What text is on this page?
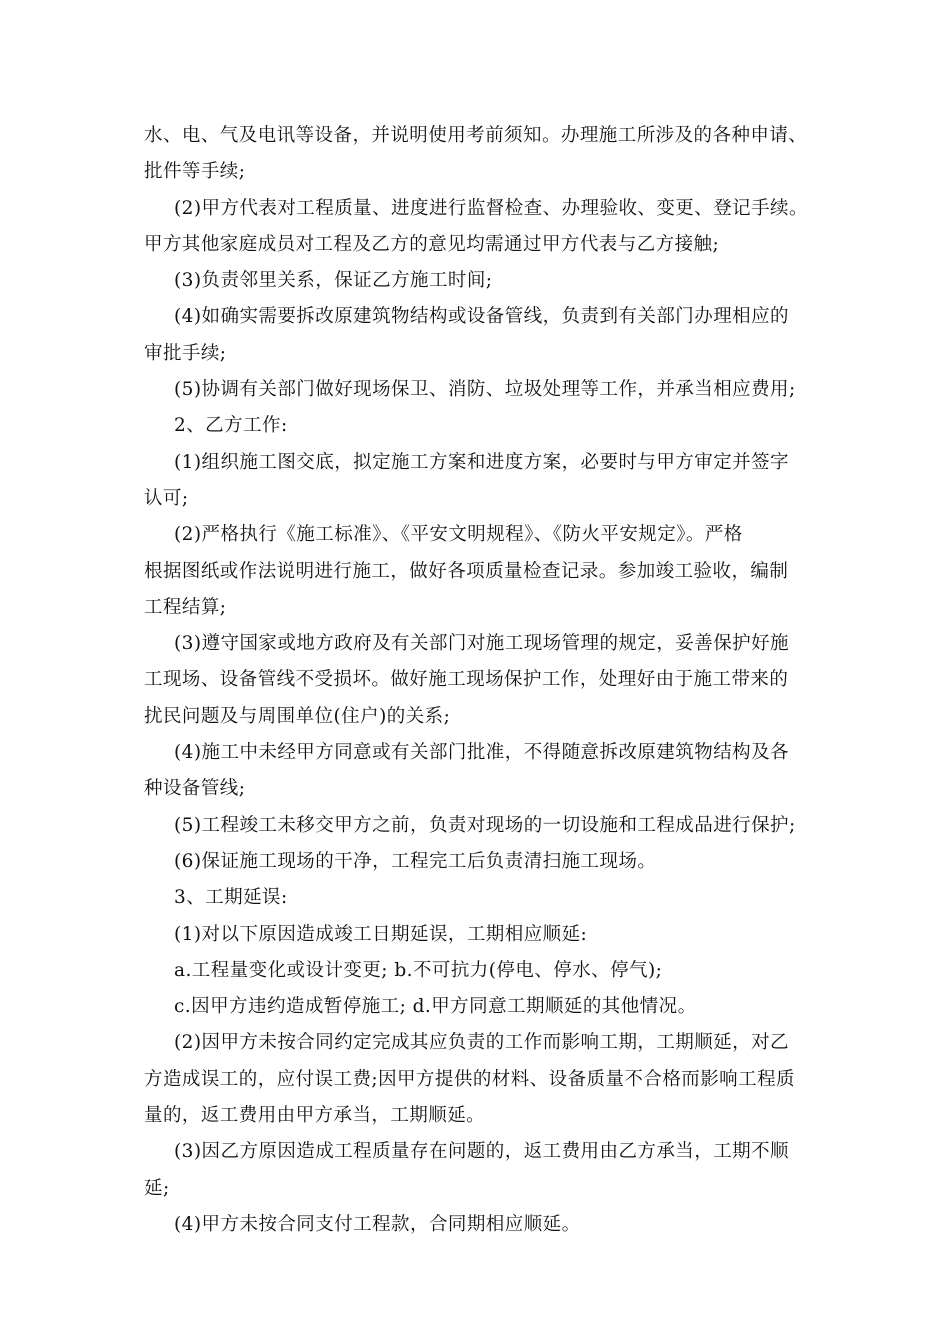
水、电、气及电讯等设备，并说明使用考前须知。办理施工所涉及的各种申请、
批件等手续;
(2)甲方代表对工程质量、进度进行监督检查、办理验收、变更、登记手续。
甲方其他家庭成员对工程及乙方的意见均需通过甲方代表与乙方接触;
(3)负责邻里关系，保证乙方施工时间;
(4)如确实需要拆改原建筑物结构或设备管线，负责到有关部门办理相应的
审批手续;
(5)协调有关部门做好现场保卫、消防、垃圾处理等工作，并承当相应费用;
2、乙方工作:
(1)组织施工图交底，拟定施工方案和进度方案，必要时与甲方审定并签字
认可;
(2)严格执行《施工标准》、《平安文明规程》、《防火平安规定》。严格
根据图纸或作法说明进行施工，做好各项质量检查记录。参加竣工验收，编制
工程结算;
(3)遵守国家或地方政府及有关部门对施工现场管理的规定，妥善保护好施
工现场、设备管线不受损坏。做好施工现场保护工作，处理好由于施工带来的
扰民问题及与周围单位(住户)的关系;
(4)施工中未经甲方同意或有关部门批准，不得随意拆改原建筑物结构及各
种设备管线;
(5)工程竣工未移交甲方之前，负责对现场的一切设施和工程成品进行保护;
(6)保证施工现场的干净，工程完工后负责清扫施工现场。
3、工期延误:
(1)对以下原因造成竣工日期延误，工期相应顺延:
a.工程量变化或设计变更; b.不可抗力(停电、停水、停气);
c.因甲方违约造成暂停施工; d.甲方同意工期顺延的其他情况。
(2)因甲方未按合同约定完成其应负责的工作而影响工期，工期顺延，对乙
方造成误工的，应付误工费;因甲方提供的材料、设备质量不合格而影响工程质
量的，返工费用由甲方承当，工期顺延。
(3)因乙方原因造成工程质量存在问题的，返工费用由乙方承当，工期不顺
延;
(4)甲方未按合同支付工程款，合同期相应顺延。
